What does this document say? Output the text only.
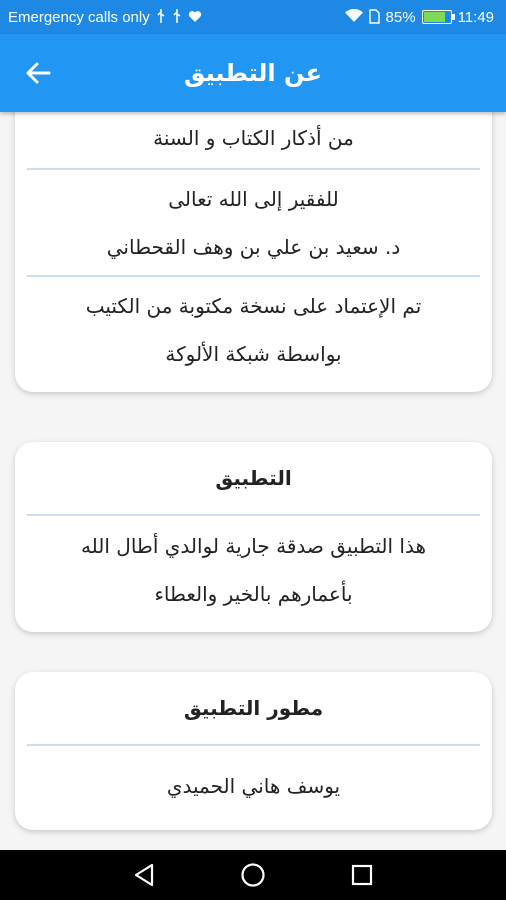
Emergency calls only	85%	11:49
عن التطبيق
من أذكار الكتاب و السنة
للفقير إلى الله تعالى
د. سعيد بن علي بن وهف القحطاني
تم الإعتماد على نسخة مكتوبة من الكتيب
بواسطة شبكة الألوكة
التطبيق
هذا التطبيق صدقة جارية لوالدي أطال الله
بأعمارهم بالخير والعطاء
مطور التطبيق
يوسف هاني الحميدي
